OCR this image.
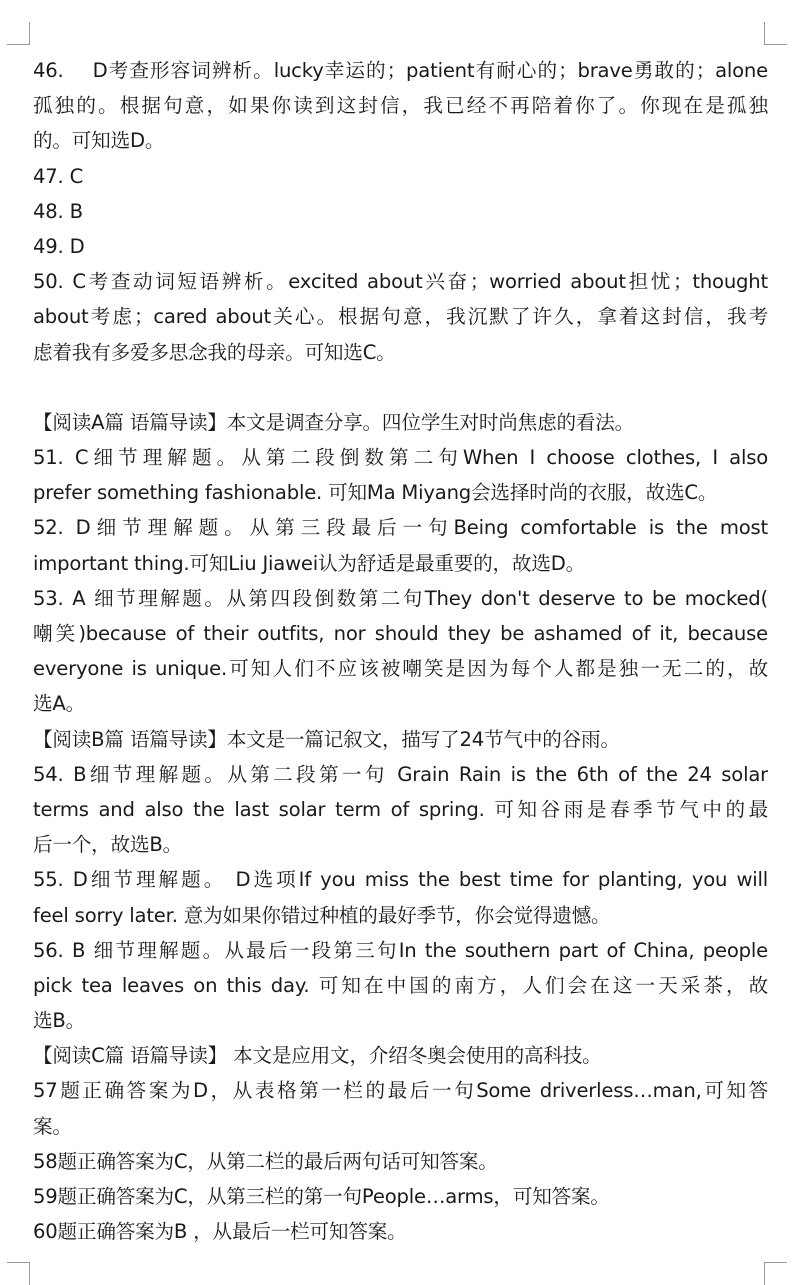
46.　 D考查形容词辨析。lucky幸运的；patient有耐心的；brave勇敢的；alone
孤独的。根据句意，如果你读到这封信，我已经不再陪着你了。你现在是孤独
的。可知选D。
47. C
48. B
49. D
50. C考查动词短语辨析。excited about兴奋；worried about担忧；thought
about考虑；cared about关心。根据句意，我沉默了许久，拿着这封信，我考
虑着我有多爱多思念我的母亲。可知选C。
【阅读A篇 语篇导读】本文是调查分享。四位学生对时尚焦虑的看法。
51. C细节理解题。从第二段倒数第二句When I choose clothes, I also
prefer something fashionable. 可知Ma Miyang会选择时尚的衣服，故选C。
52. D细节理解题。从第三段最后一句Being comfortable is the most
important thing.可知Liu Jiawei认为舒适是最重要的，故选D。
53. A 细节理解题。从第四段倒数第二句They don't deserve to be mocked(
嘲笑)because of their outfits, nor should they be ashamed of it, because
everyone is unique.可知人们不应该被嘲笑是因为每个人都是独一无二的，故
选A。
【阅读B篇 语篇导读】本文是一篇记叙文，描写了24节气中的谷雨。
54. B细节理解题。从第二段第一句 Grain Rain is the 6th of the 24 solar
terms and also the last solar term of spring. 可知谷雨是春季节气中的最
后一个，故选B。
55. D细节理解题。 D选项If you miss the best time for planting, you will
feel sorry later. 意为如果你错过种植的最好季节，你会觉得遗憾。
56. B 细节理解题。从最后一段第三句In the southern part of China, people
pick tea leaves on this day. 可知在中国的南方，人们会在这一天采茶，故
选B。
【阅读C篇 语篇导读】 本文是应用文，介绍冬奥会使用的高科技。
57题正确答案为D，从表格第一栏的最后一句Some driverless…man,可知答
案。
58题正确答案为C，从第二栏的最后两句话可知答案。
59题正确答案为C，从第三栏的第一句People…arms，可知答案。
60题正确答案为B ，从最后一栏可知答案。
